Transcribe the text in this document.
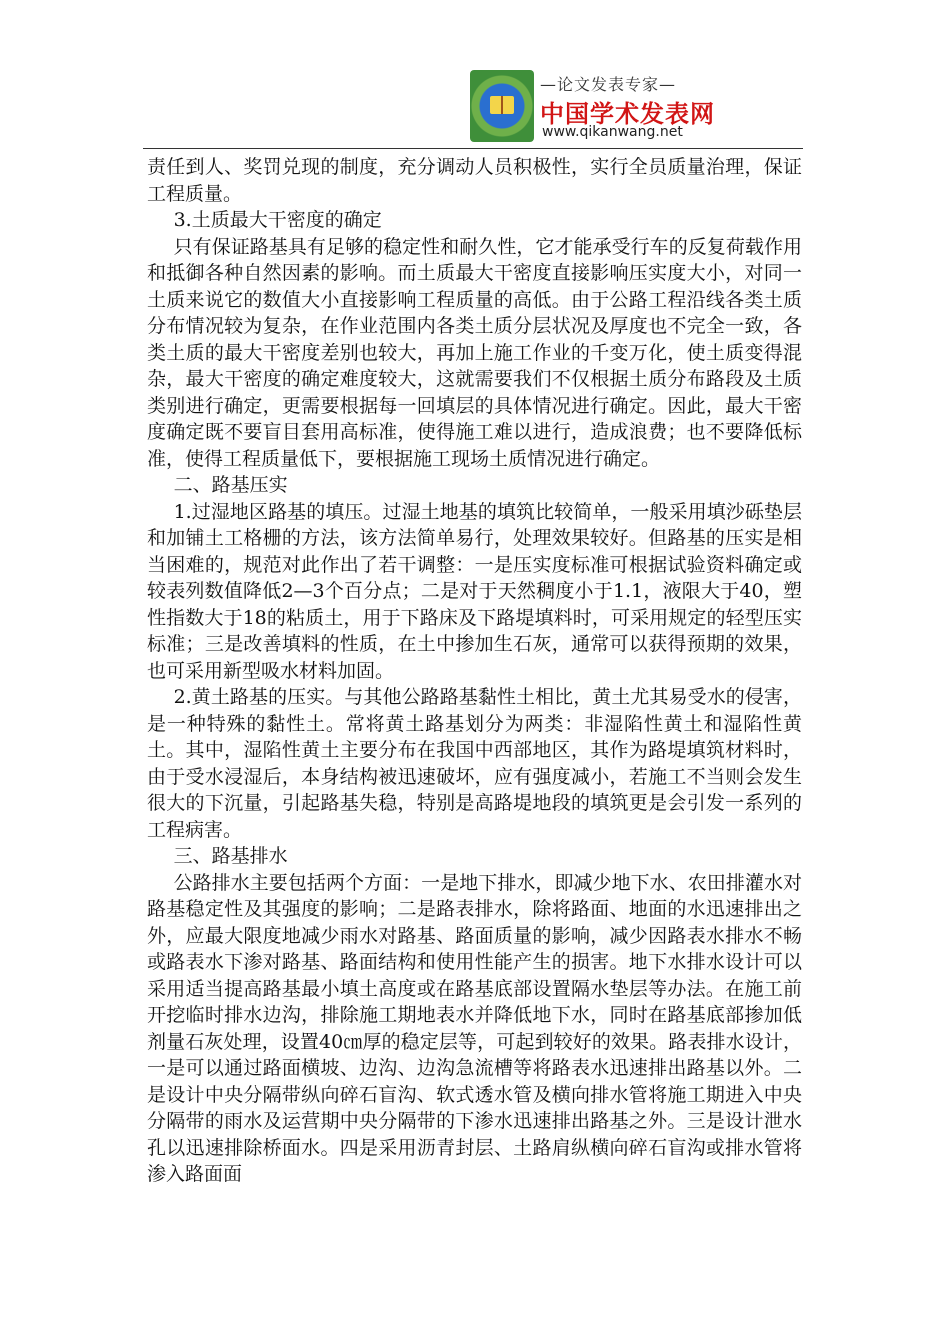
—论文发表专家—
中国学术发表网
www.qikanwang.net

责任到人、奖罚兑现的制度，充分调动人员积极性，实行全员质量治理，保证工程质量。

3.土质最大干密度的确定

只有保证路基具有足够的稳定性和耐久性，它才能承受行车的反复荷载作用和抵御各种自然因素的影响。而土质最大干密度直接影响压实度大小，对同一土质来说它的数值大小直接影响工程质量的高低。由于公路工程沿线各类土质分布情况较为复杂，在作业范围内各类土质分层状况及厚度也不完全一致，各类土质的最大干密度差别也较大，再加上施工作业的千变万化，使土质变得混杂，最大干密度的确定难度较大，这就需要我们不仅根据土质分布路段及土质类别进行确定，更需要根据每一回填层的具体情况进行确定。因此，最大干密度确定既不要盲目套用高标准，使得施工难以进行，造成浪费；也不要降低标准，使得工程质量低下，要根据施工现场土质情况进行确定。

二、路基压实

1.过湿地区路基的填压。过湿土地基的填筑比较简单，一般采用填沙砾垫层和加铺土工格栅的方法，该方法简单易行，处理效果较好。但路基的压实是相当困难的，规范对此作出了若干调整：一是压实度标准可根据试验资料确定或较表列数值降低2—3个百分点；二是对于天然稠度小于1.1，液限大于40，塑性指数大于18的粘质土，用于下路床及下路堤填料时，可采用规定的轻型压实标准；三是改善填料的性质，在土中掺加生石灰，通常可以获得预期的效果，也可采用新型吸水材料加固。

2.黄土路基的压实。与其他公路路基黏性土相比，黄土尤其易受水的侵害，是一种特殊的黏性土。常将黄土路基划分为两类：非湿陷性黄土和湿陷性黄土。其中，湿陷性黄土主要分布在我国中西部地区，其作为路堤填筑材料时，由于受水浸湿后，本身结构被迅速破坏，应有强度减小，若施工不当则会发生很大的下沉量，引起路基失稳，特别是高路堤地段的填筑更是会引发一系列的工程病害。

三、路基排水

公路排水主要包括两个方面：一是地下排水，即减少地下水、农田排灌水对路基稳定性及其强度的影响；二是路表排水，除将路面、地面的水迅速排出之外，应最大限度地减少雨水对路基、路面质量的影响，减少因路表水排水不畅或路表水下渗对路基、路面结构和使用性能产生的损害。地下水排水设计可以采用适当提高路基最小填土高度或在路基底部设置隔水垫层等办法。在施工前开挖临时排水边沟，排除施工期地表水并降低地下水，同时在路基底部掺加低剂量石灰处理，设置40㎝厚的稳定层等，可起到较好的效果。路表排水设计，一是可以通过路面横坡、边沟、边沟急流槽等将路表水迅速排出路基以外。二是设计中央分隔带纵向碎石盲沟、软式透水管及横向排水管将施工期进入中央分隔带的雨水及运营期中央分隔带的下渗水迅速排出路基之外。三是设计泄水孔以迅速排除桥面水。四是采用沥青封层、土路肩纵横向碎石盲沟或排水管将渗入路面面
